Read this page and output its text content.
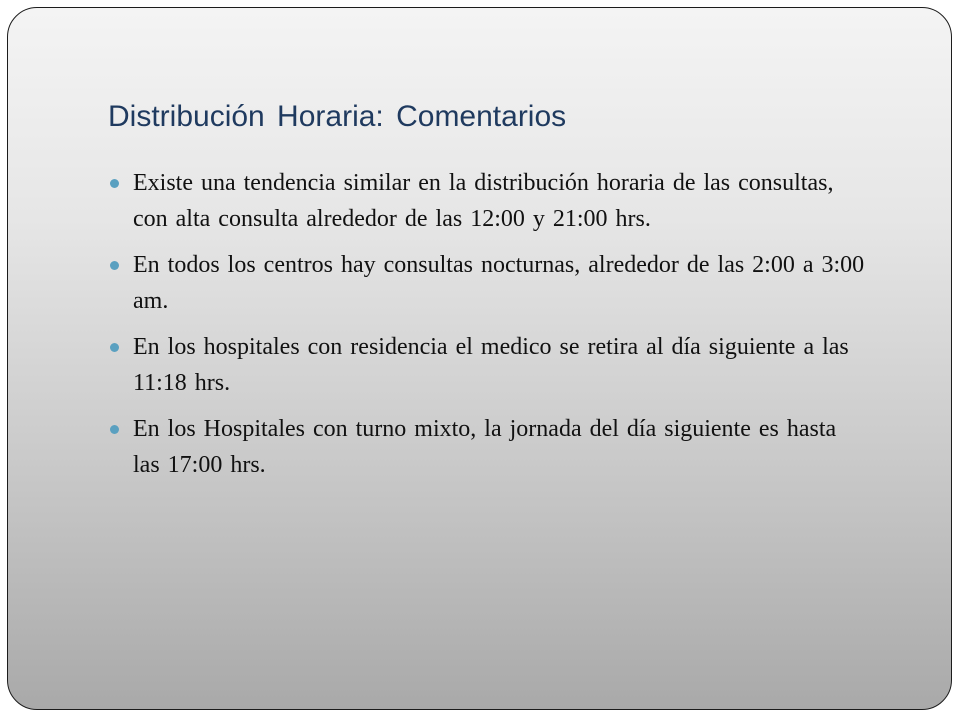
Distribución Horaria: Comentarios
Existe una tendencia similar en la distribución horaria de las consultas, con alta consulta alrededor de las 12:00 y 21:00 hrs.
En todos los centros hay consultas nocturnas, alrededor de las 2:00 a 3:00 am.
En los hospitales con residencia el medico se retira al día siguiente a las 11:18 hrs.
En los Hospitales con turno mixto, la jornada del día siguiente es hasta las 17:00 hrs.
